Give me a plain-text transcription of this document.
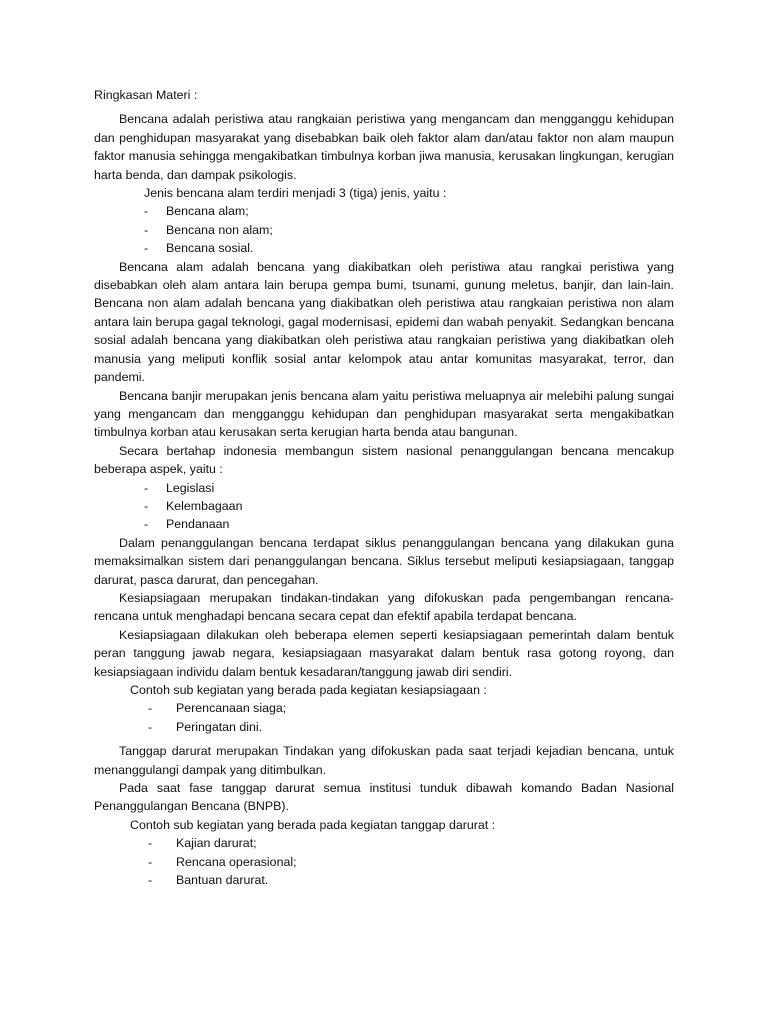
Ringkasan Materi :

Bencana adalah peristiwa atau rangkaian peristiwa yang mengancam dan mengganggu kehidupan dan penghidupan masyarakat yang disebabkan baik oleh faktor alam dan/atau faktor non alam maupun faktor manusia sehingga mengakibatkan timbulnya korban jiwa manusia, kerusakan lingkungan, kerugian harta benda, dan dampak psikologis.

Jenis bencana alam terdiri menjadi 3 (tiga) jenis, yaitu :
- Bencana alam;
- Bencana non alam;
- Bencana sosial.

Bencana alam adalah bencana yang diakibatkan oleh peristiwa atau rangkai peristiwa yang disebabkan oleh alam antara lain berupa gempa bumi, tsunami, gunung meletus, banjir, dan lain-lain. Bencana non alam adalah bencana yang diakibatkan oleh peristiwa atau rangkaian peristiwa non alam antara lain berupa gagal teknologi, gagal modernisasi, epidemi dan wabah penyakit. Sedangkan bencana sosial adalah bencana yang diakibatkan oleh peristiwa atau rangkaian peristiwa yang diakibatkan oleh manusia yang meliputi konflik sosial antar kelompok atau antar komunitas masyarakat, terror, dan pandemi.

Bencana banjir merupakan jenis bencana alam yaitu peristiwa meluapnya air melebihi palung sungai yang mengancam dan mengganggu kehidupan dan penghidupan masyarakat serta mengakibatkan timbulnya korban atau kerusakan serta kerugian harta benda atau bangunan.

Secara bertahap indonesia membangun sistem nasional penanggulangan bencana mencakup beberapa aspek, yaitu :

- Legislasi
- Kelembagaan
- Pendanaan

Dalam penanggulangan bencana terdapat siklus penanggulangan bencana yang dilakukan guna memaksimalkan sistem dari penanggulangan bencana. Siklus tersebut meliputi kesiapsiagaan, tanggap darurat, pasca darurat, dan pencegahan.

Kesiapsiagaan merupakan tindakan-tindakan yang difokuskan pada pengembangan rencana-rencana untuk menghadapi bencana secara cepat dan efektif apabila terdapat bencana.

Kesiapsiagaan dilakukan oleh beberapa elemen seperti kesiapsiagaan pemerintah dalam bentuk peran tanggung jawab negara, kesiapsiagaan masyarakat dalam bentuk rasa gotong royong, dan kesiapsiagaan individu dalam bentuk kesadaran/tanggung jawab diri sendiri.

Contoh sub kegiatan yang berada pada kegiatan kesiapsiagaan :
- Perencanaan siaga;
- Peringatan dini.

Tanggap darurat merupakan Tindakan yang difokuskan pada saat terjadi kejadian bencana, untuk menanggulangi dampak yang ditimbulkan.

Pada saat fase tanggap darurat semua institusi tunduk dibawah komando Badan Nasional Penanggulangan Bencana (BNPB).

Contoh sub kegiatan yang berada pada kegiatan tanggap darurat :
- Kajian darurat;
- Rencana operasional;
- Bantuan darurat.
